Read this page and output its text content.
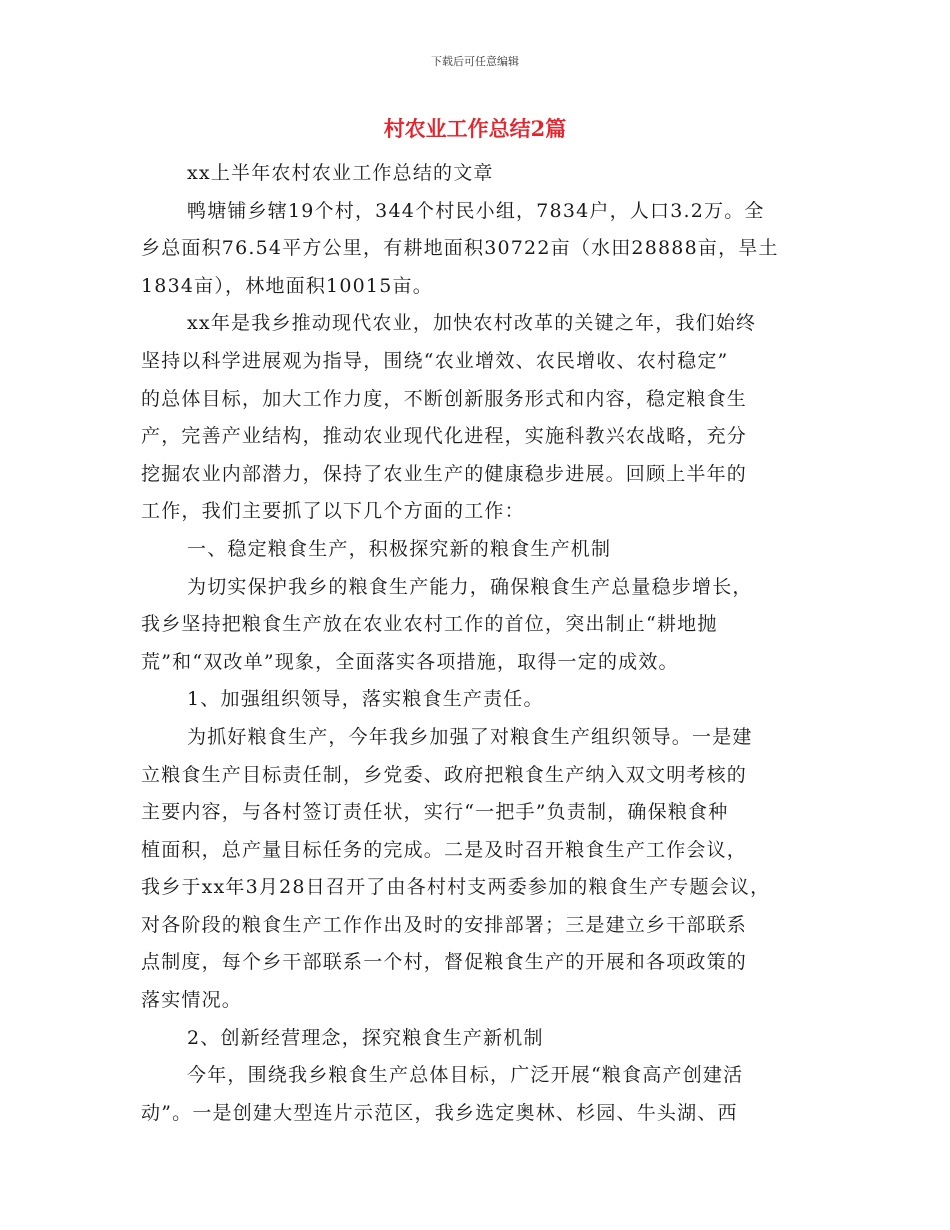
下载后可任意编辑
村农业工作总结2篇
xx上半年农村农业工作总结的文章
鸭塘铺乡辖19个村，344个村民小组，7834户，人口3.2万。全
乡总面积76.54平方公里，有耕地面积30722亩（水田28888亩，旱土
1834亩），林地面积10015亩。
xx年是我乡推动现代农业，加快农村改革的关键之年，我们始终
坚持以科学进展观为指导，围绕“农业增效、农民增收、农村稳定”
的总体目标，加大工作力度，不断创新服务形式和内容，稳定粮食生
产，完善产业结构，推动农业现代化进程，实施科教兴农战略，充分
挖掘农业内部潜力，保持了农业生产的健康稳步进展。回顾上半年的
工作，我们主要抓了以下几个方面的工作：
一、稳定粮食生产，积极探究新的粮食生产机制
为切实保护我乡的粮食生产能力，确保粮食生产总量稳步增长，
我乡坚持把粮食生产放在农业农村工作的首位，突出制止“耕地抛
荒”和“双改单”现象，全面落实各项措施，取得一定的成效。
1、加强组织领导，落实粮食生产责任。
为抓好粮食生产，今年我乡加强了对粮食生产组织领导。一是建
立粮食生产目标责任制，乡党委、政府把粮食生产纳入双文明考核的
主要内容，与各村签订责任状，实行“一把手”负责制，确保粮食种
植面积，总产量目标任务的完成。二是及时召开粮食生产工作会议，
我乡于xx年3月28日召开了由各村村支两委参加的粮食生产专题会议，
对各阶段的粮食生产工作作出及时的安排部署；三是建立乡干部联系
点制度，每个乡干部联系一个村，督促粮食生产的开展和各项政策的
落实情况。
2、创新经营理念，探究粮食生产新机制
今年，围绕我乡粮食生产总体目标，广泛开展“粮食高产创建活
动”。一是创建大型连片示范区，我乡选定奥林、杉园、牛头湖、西
